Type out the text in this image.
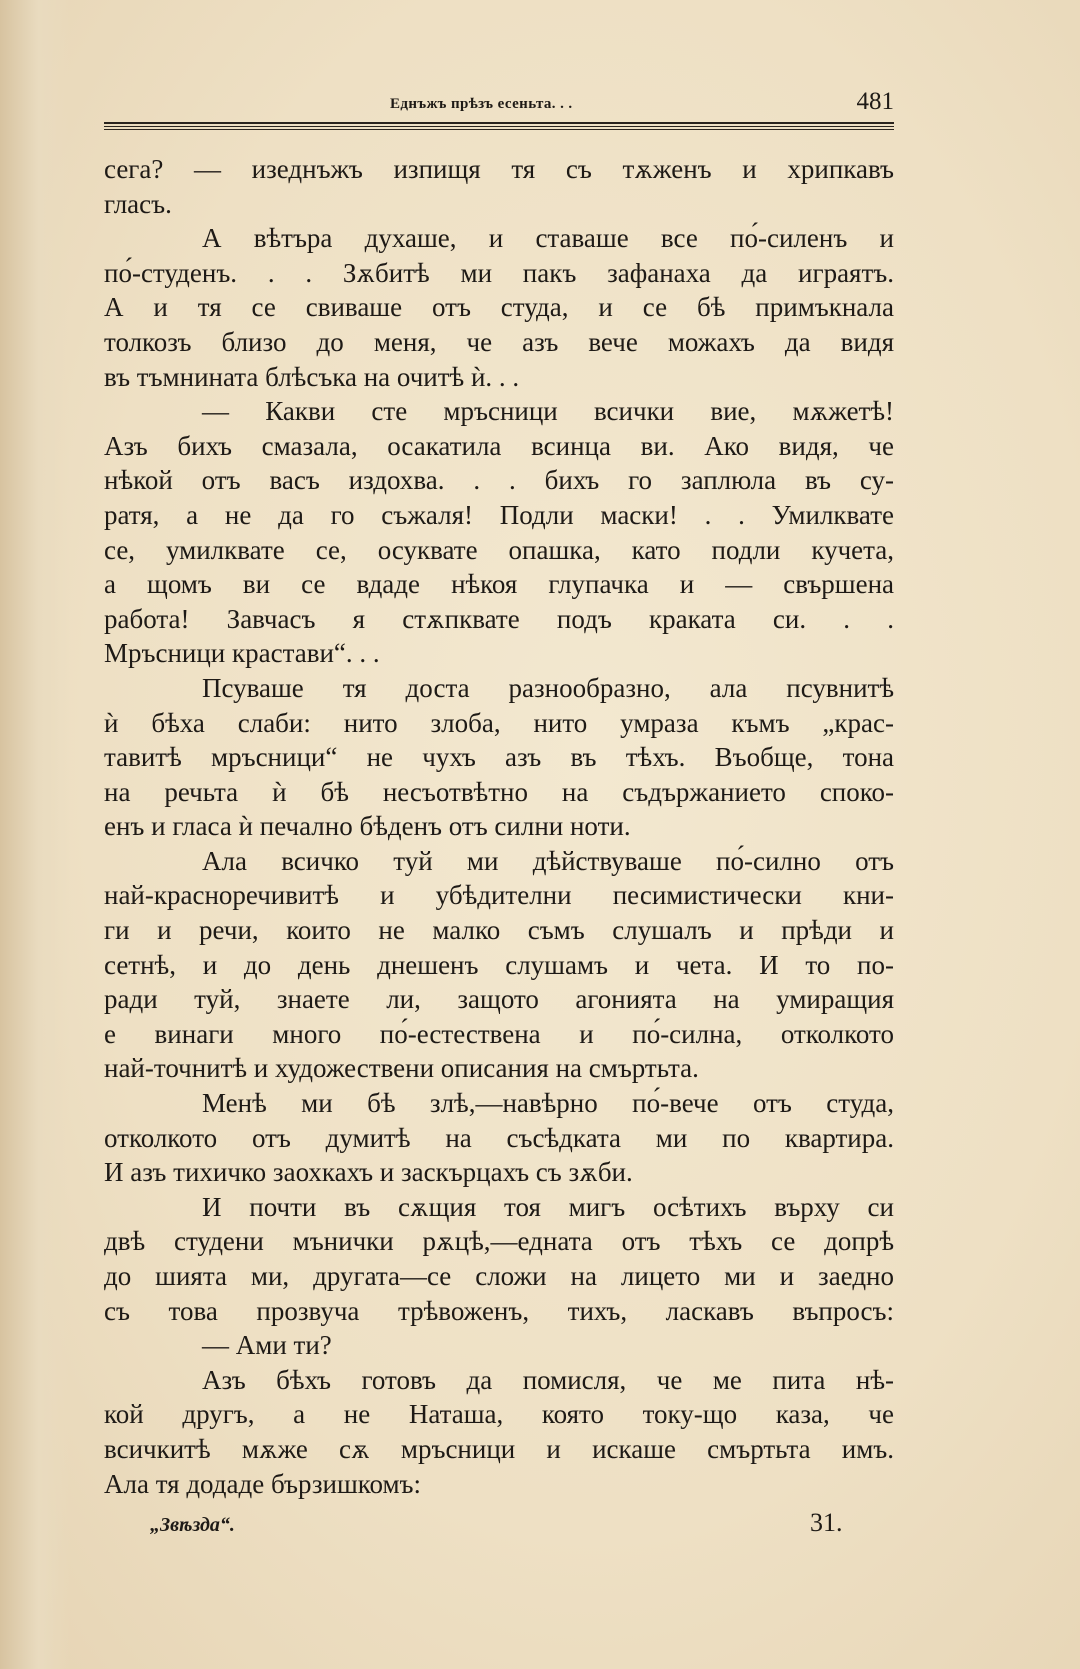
Еднъжъ прѣзъ есеньта. . .	481
сега? — изеднъжъ изпищя тя съ тѫженъ и хрипкавъ
гласъ.
А вѣтъра духаше, и ставаше все по́-силенъ и
по́-студенъ. . . Зѫбитѣ ми пакъ зафанаха да играятъ.
А и тя се свиваше отъ студа, и се бѣ примъкнала
толкозъ близо до меня, че азъ вече можахъ да видя
въ тъмнината блѣсъка на очитѣ ѝ. . .
— Какви сте мръсници всички вие, мѫжетѣ!
Азъ бихъ смазала, осакатила всинца ви. Ако видя, че
нѣкой отъ васъ издохва. . . бихъ го заплюла въ су-
ратя, а не да го съжаля! Подли маски! . . Умилквате
се, умилквате се, осуквате опашка, като подли кучета,
а щомъ ви се вдаде нѣкоя глупачка и — свършена
работа! Завчасъ я стѫпквате подъ краката си. . .
Мръсници крастави“. . .
Псуваше тя доста разнообразно, ала псувнитѣ
ѝ бѣха слаби: нито злоба, нито умраза къмъ „крас-
тавитѣ мръсници“ не чухъ азъ въ тѣхъ. Въобще, тона
на речьта ѝ бѣ несъотвѣтно на съдържанието споко-
енъ и гласа ѝ печално бѣденъ отъ силни ноти.
Ала всичко туй ми дѣйствуваше по́-силно отъ
най-красноречивитѣ и убѣдителни песимистически кни-
ги и речи, които не малко съмъ слушалъ и прѣди и
сетнѣ, и до день днешенъ слушамъ и чета. И то по-
ради туй, знаете ли, защото агонията на умиращия
е винаги много по́-естествена и по́-силна, отколкото
най-точнитѣ и художествени описания на смъртьта.
Менѣ ми бѣ злѣ,—навѣрно по́-вече отъ студа,
отколкото отъ думитѣ на съсѣдката ми по квартира.
И азъ тихичко заохкахъ и заскърцахъ съ зѫби.
И почти въ сѫщия тоя мигъ осѣтихъ върху си
двѣ студени мънички рѫцѣ,—едната отъ тѣхъ се допрѣ
до шията ми, другата—се сложи на лицето ми и заедно
съ това прозвуча трѣвоженъ, тихъ, ласкавъ въпросъ:
— Ами ти?
Азъ бѣхъ готовъ да помисля, че ме пита нѣ-
кой другъ, а не Наташа, която току-що каза, че
всичкитѣ мѫже сѫ мръсници и искаше смъртьта имъ.
Ала тя додаде бързишкомъ:
„Звѣзда“.	31.
